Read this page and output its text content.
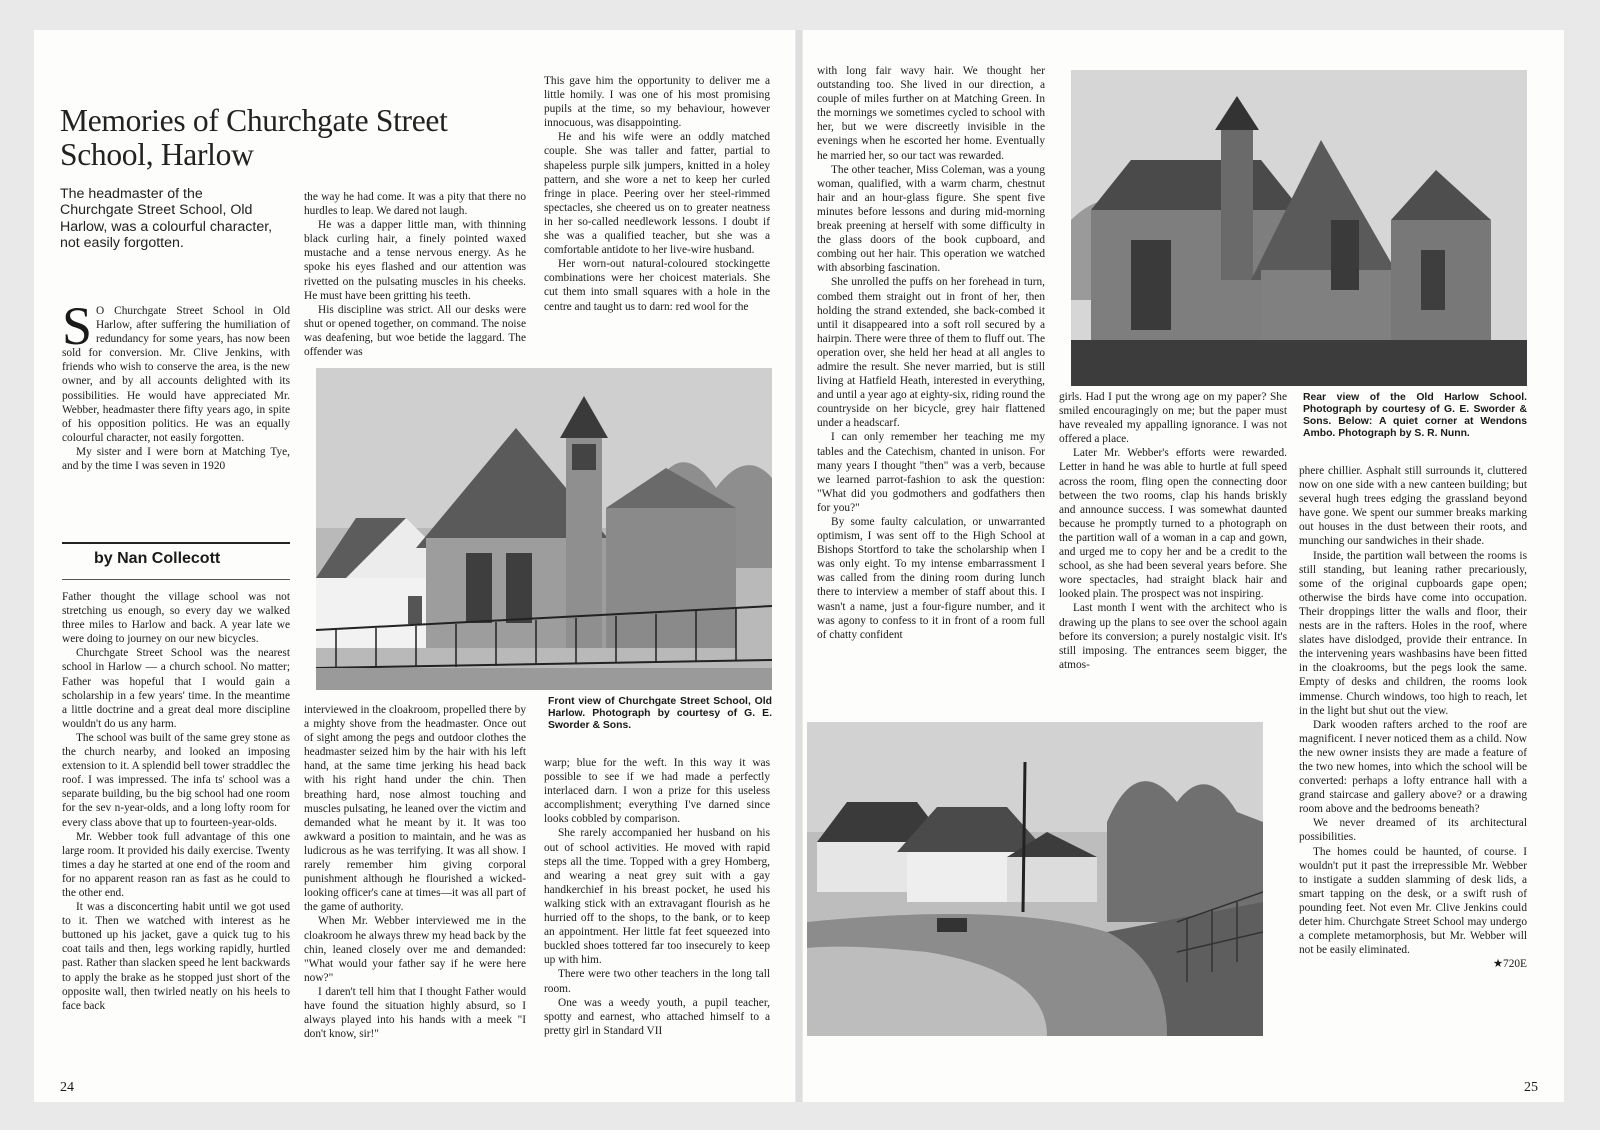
Memories of Churchgate Street School, Harlow
The headmaster of the Churchgate Street School, Old Harlow, was a colourful character, not easily forgotten.

S O Churchgate Street School in Old Harlow, after suffering the humiliation of redundancy for some years, has now been sold for conversion. Mr. Clive Jenkins, with friends who wish to conserve the area, is the new owner, and by all accounts delighted with its possibilities. He would have appreciated Mr. Webber, headmaster there fifty years ago, in spite of his opposition politics. He was an equally colourful character, not easily forgotten.

My sister and I were born at Matching Tye, and by the time I was seven in 1920

by Nan Collecott

Father thought the village school was not stretching us enough, so every day we walked three miles to Harlow and back. A year late we were doing to journey on our new bicycles.

Churchgate Street School was the nearest school in Harlow — a church school. No matter; Father was hopeful that I would gain a scholarship in a few years' time. In the meantime a little doctrine and a great deal more discipline wouldn't do us any harm.

The school was built of the same grey stone as the church nearby, and looked an imposing extension to it. A splendid bell tower straddlec the roof. I was impressed. The infa ts' school was a separate building, bu the big school had one room for the sev n-year-olds, and a long lofty room for every class above that up to fourteen-year-olds.

Mr. Webber took full advantage of this one large room. It provided his daily exercise. Twenty times a day he started at one end of the room and for no apparent reason ran as fast as he could to the other end.

It was a disconcerting habit until we got used to it. Then we watched with interest as he buttoned up his jacket, gave a quick tug to his coat tails and then, legs working rapidly, hurtled past. Rather than slacken speed he lent backwards to apply the brake as he stopped just short of the opposite wall, then twirled neatly on his heels to face back

the way he had come. It was a pity that there no hurdles to leap. We dared not laugh.

He was a dapper little man, with thinning black curling hair, a finely pointed waxed mustache and a tense nervous energy. As he spoke his eyes flashed and our attention was rivetted on the pulsating muscles in his cheeks. He must have been gritting his teeth.

His discipline was strict. All our desks were shut or opened together, on command. The noise was deafening, but woe betide the laggard. The offender was

This gave him the opportunity to deliver me a little homily. I was one of his most promising pupils at the time, so my behaviour, however innocuous, was disappointing.

He and his wife were an oddly matched couple. She was taller and fatter, partial to shapeless purple silk jumpers, knitted in a holey pattern, and she wore a net to keep her curled fringe in place. Peering over her steel-rimmed spectacles, she cheered us on to greater neatness in her so-called needlework lessons. I doubt if she was a qualified teacher, but she was a comfortable antidote to her live-wire husband.

Her worn-out natural-coloured stockingette combinations were her choicest materials. She cut them into small squares with a hole in the centre and taught us to darn: red wool for the

Front view of Churchgate Street School, Old Harlow. Photograph by courtesy of G. E. Sworder & Sons.

interviewed in the cloakroom, propelled there by a mighty shove from the headmaster. Once out of sight among the pegs and outdoor clothes the headmaster seized him by the hair with his left hand, at the same time jerking his head back with his right hand under the chin. Then breathing hard, nose almost touching and muscles pulsating, he leaned over the victim and demanded what he meant by it. It was too awkward a position to maintain, and he was as ludicrous as he was terrifying. It was all show. I rarely remember him giving corporal punishment although he flourished a wicked-looking officer's cane at times—it was all part of the game of authority.

When Mr. Webber interviewed me in the cloakroom he always threw my head back by the chin, leaned closely over me and demanded: "What would your father say if he were here now?"

I daren't tell him that I thought Father would have found the situation highly absurd, so I always played into his hands with a meek "I don't know, sir!"

warp; blue for the weft. In this way it was possible to see if we had made a perfectly interlaced darn. I won a prize for this useless accomplishment; everything I've darned since looks cobbled by comparison.

She rarely accompanied her husband on his out of school activities. He moved with rapid steps all the time. Topped with a grey Homberg, and wearing a neat grey suit with a gay handkerchief in his breast pocket, he used his walking stick with an extravagant flourish as he hurried off to the shops, to the bank, or to keep an appointment. Her little fat feet squeezed into buckled shoes tottered far too insecurely to keep up with him.

There were two other teachers in the long tall room.

One was a weedy youth, a pupil teacher, spotty and earnest, who attached himself to a pretty girl in Standard VII

24

with long fair wavy hair. We thought her outstanding too. She lived in our direction, a couple of miles further on at Matching Green. In the mornings we sometimes cycled to school with her, but we were discreetly invisible in the evenings when he escorted her home. Eventually he married her, so our tact was rewarded.

The other teacher, Miss Coleman, was a young woman, qualified, with a warm charm, chestnut hair and an hour-glass figure. She spent five minutes before lessons and during mid-morning break preening at herself with some difficulty in the glass doors of the book cupboard, and combing out her hair. This operation we watched with absorbing fascination.

She unrolled the puffs on her forehead in turn, combed them straight out in front of her, then holding the strand extended, she back-combed it until it disappeared into a soft roll secured by a hairpin. There were three of them to fluff out. The operation over, she held her head at all angles to admire the result. She never married, but is still living at Hatfield Heath, interested in everything, and until a year ago at eighty-six, riding round the countryside on her bicycle, grey hair flattened under a headscarf.

I can only remember her teaching me my tables and the Catechism, chanted in unison. For many years I thought "then" was a verb, because we learned parrot-fashion to ask the question: "What did you godmothers and godfathers then for you?"

By some faulty calculation, or unwarranted optimism, I was sent off to the High School at Bishops Stortford to take the scholarship when I was only eight. To my intense embarrassment I was called from the dining room during lunch there to interview a member of staff about this. I wasn't a name, just a four-figure number, and it was agony to confess to it in front of a room full of chatty confident

Rear view of the Old Harlow School. Photograph by courtesy of G. E. Sworder & Sons. Below: A quiet corner at Wendons Ambo. Photograph by S. R. Nunn.

girls. Had I put the wrong age on my paper? She smiled encouragingly on me; but the paper must have revealed my appalling ignorance. I was not offered a place.

Later Mr. Webber's efforts were rewarded. Letter in hand he was able to hurtle at full speed across the room, fling open the connecting door between the two rooms, clap his hands briskly and announce success. I was somewhat daunted because he promptly turned to a photograph on the partition wall of a woman in a cap and gown, and urged me to copy her and be a credit to the school, as she had been several years before. She wore spectacles, had straight black hair and looked plain. The prospect was not inspiring.

Last month I went with the architect who is drawing up the plans to see over the school again before its conversion; a purely nostalgic visit. It's still imposing. The entrances seem bigger, the atmos-

phere chillier. Asphalt still surrounds it, cluttered now on one side with a new canteen building; but several hugh trees edging the grassland beyond have gone. We spent our summer breaks marking out houses in the dust between their roots, and munching our sandwiches in their shade.

Inside, the partition wall between the rooms is still standing, but leaning rather precariously, some of the original cupboards gape open; otherwise the birds have come into occupation. Their droppings litter the walls and floor, their nests are in the rafters. Holes in the roof, where slates have dislodged, provide their entrance. In the intervening years washbasins have been fitted in the cloakrooms, but the pegs look the same. Empty of desks and children, the rooms look immense. Church windows, too high to reach, let in the light but shut out the view.

Dark wooden rafters arched to the roof are magnificent. I never noticed them as a child. Now the new owner insists they are made a feature of the two new homes, into which the school will be converted: perhaps a lofty entrance hall with a grand staircase and gallery above? or a drawing room above and the bedrooms beneath?

We never dreamed of its architectural possibilities.

The homes could be haunted, of course. I wouldn't put it past the irrepressible Mr. Webber to instigate a sudden slamming of desk lids, a smart tapping on the desk, or a swift rush of pounding feet. Not even Mr. Clive Jenkins could deter him. Churchgate Street School may undergo a complete metamorphosis, but Mr. Webber will not be easily eliminated.

★720E
25
